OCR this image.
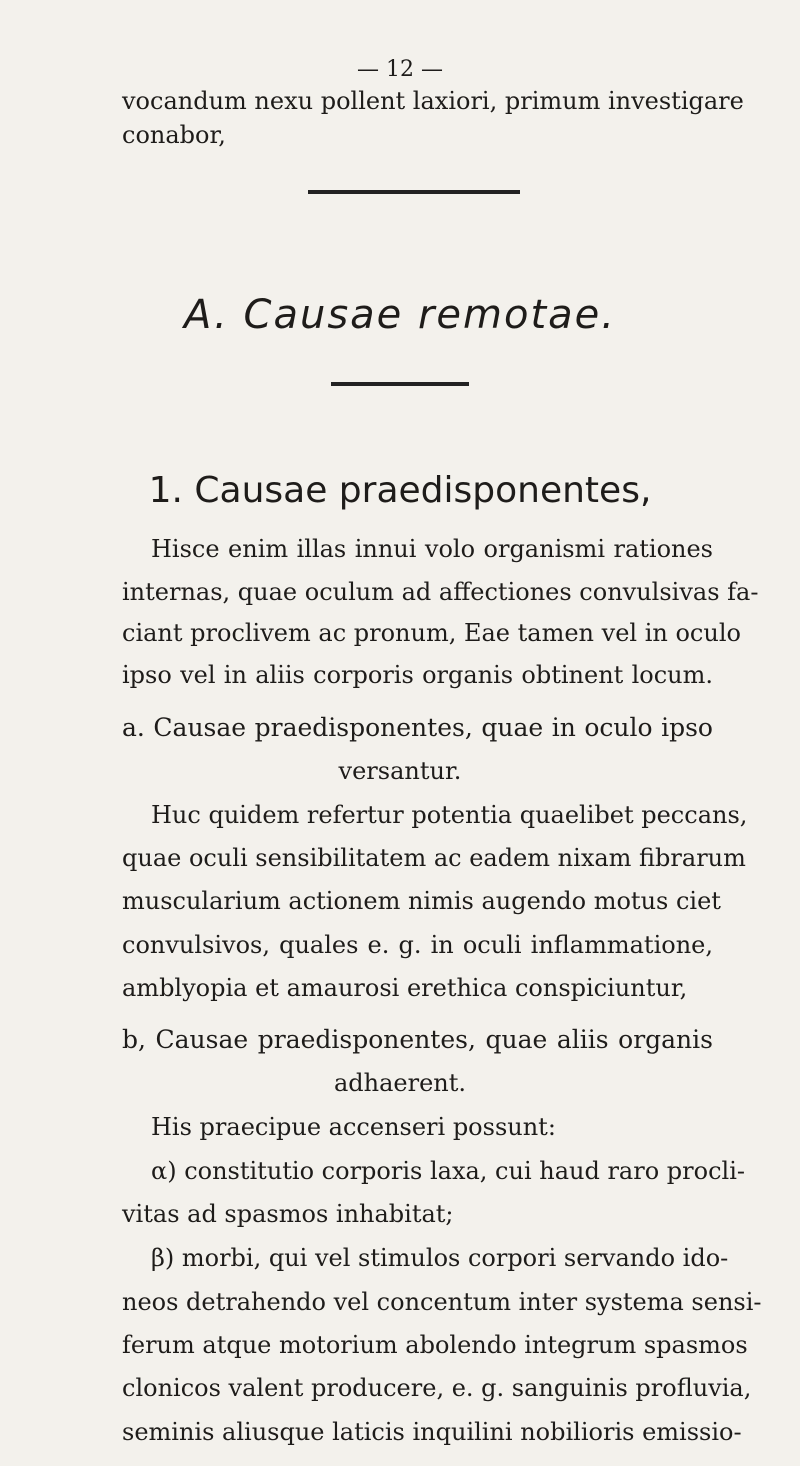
— 12 —
vocandum nexu pollent laxiori, primum investigare
conabor,
A. Causae remotae.
1. Causae praedisponentes,
Hisce enim illas innui volo organismi rationes
internas, quae oculum ad affectiones convulsivas fa-
ciant proclivem ac pronum, Eae tamen vel in oculo
ipso vel in aliis corporis organis obtinent locum.
a. Causae praedisponentes, quae in oculo ipso
versantur.
Huc quidem refertur potentia quaelibet peccans,
quae oculi sensibilitatem ac eadem nixam fibrarum
muscularium actionem nimis augendo motus ciet
convulsivos, quales e. g. in oculi inflammatione,
amblyopia et amaurosi erethica conspiciuntur,
b, Causae praedisponentes, quae aliis organis
adhaerent.
His praecipue accenseri possunt:
α) constitutio corporis laxa, cui haud raro procli-
vitas ad spasmos inhabitat;
β) morbi, qui vel stimulos corpori servando ido-
neos detrahendo vel concentum inter systema sensi-
ferum atque motorium abolendo integrum spasmos
clonicos valent producere, e. g. sanguinis profluvia,
seminis aliusque laticis inquilini nobilioris emissio-
